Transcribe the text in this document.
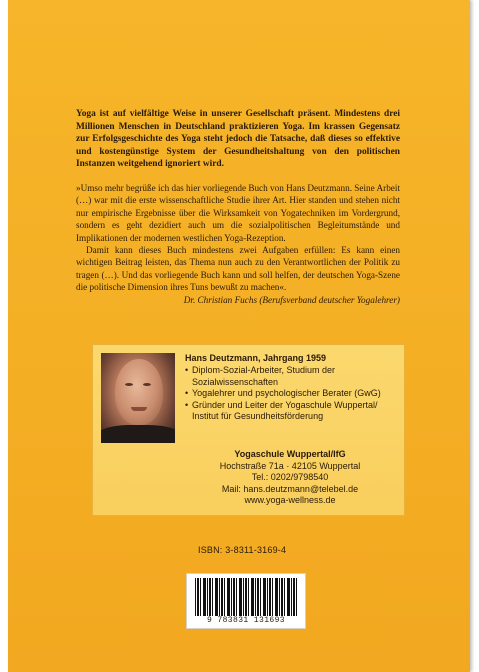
Yoga ist auf vielfältige Weise in unserer Gesellschaft präsent. Mindestens drei Millionen Menschen in Deutschland praktizieren Yoga. Im krassen Gegensatz zur Erfolgsgeschichte des Yoga steht jedoch die Tatsache, daß dieses so effektive und kostengünstige System der Gesundheitshaltung von den politischen Instanzen weitgehend ignoriert wird.

»Umso mehr begrüße ich das hier vorliegende Buch von Hans Deutzmann. Seine Arbeit (…) war mit die erste wissenschaftliche Studie ihrer Art. Hier standen und stehen nicht nur empirische Ergebnisse über die Wirksamkeit von Yogatechniken im Vordergrund, sondern es geht dezidiert auch um die sozialpolitischen Begleitumstände und Implikationen der modernen westlichen Yoga-Rezeption.

Damit kann dieses Buch mindestens zwei Aufgaben erfüllen: Es kann einen wichtigen Beitrag leisten, das Thema nun auch zu den Verantwortlichen der Politik zu tragen (…). Und das vorliegende Buch kann und soll helfen, der deutschen Yoga-Szene die politische Dimension ihres Tuns bewußt zu machen«.
Dr. Christian Fuchs (Berufsverband deutscher Yogalehrer)

Hans Deutzmann, Jahrgang 1959
• Diplom-Sozial-Arbeiter, Studium der Sozialwissenschaften
• Yogalehrer und psychologischer Berater (GwG)
• Gründer und Leiter der Yogaschule Wuppertal/ Institut für Gesundheitsförderung
Yogaschule Wuppertal/IfG
Hochstraße 71a · 42105 Wuppertal
Tel.: 0202/9798540
Mail: hans.deutzmann@telebel.de
www.yoga-wellness.de
ISBN: 3-8311-3169-4
9 783831 131693
